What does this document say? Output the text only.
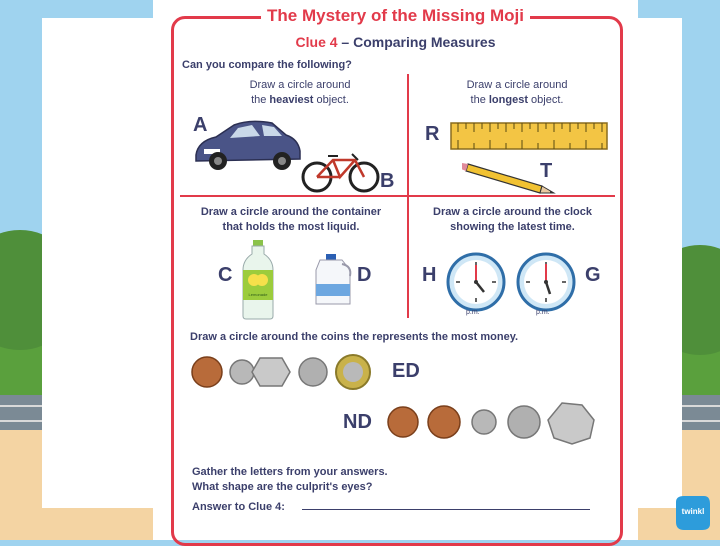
The Mystery of the Missing Moji
Clue 4 – Comparing Measures
Can you compare the following?
Draw a circle around
the heaviest object.
A
B
Draw a circle around
the longest object.
R
T
Draw a circle around the container
that holds the most liquid.
C
Lemonade
D
Draw a circle around the clock
showing the latest time.
H
p.m.	p.m.
G
Draw a circle around the coins the represents the most money.
ED
ND
Gather the letters from your answers.
What shape are the culprit's eyes?
Answer to Clue 4:	twinkl
